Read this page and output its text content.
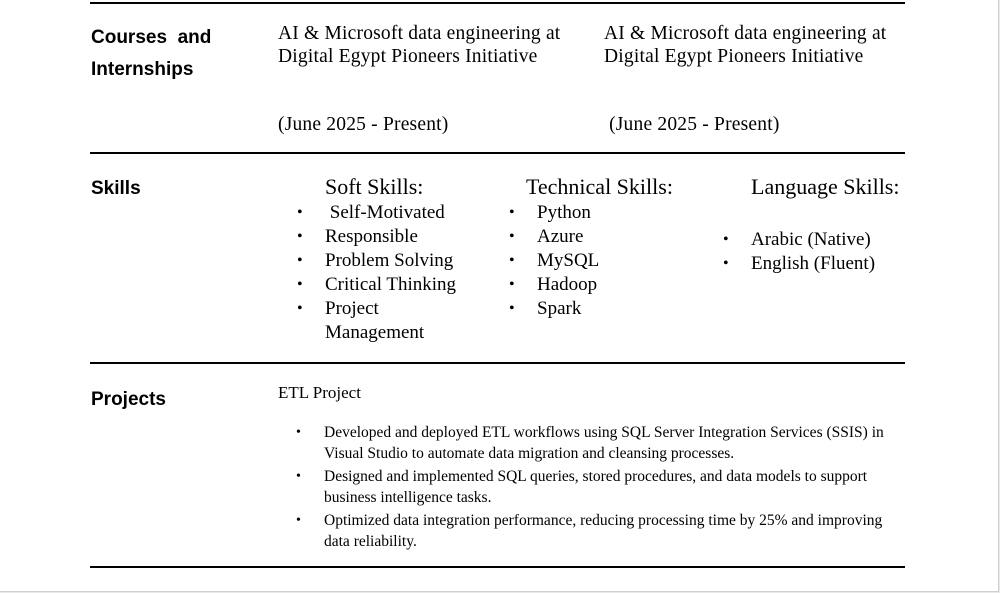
Courses  and
Internships
AI & Microsoft data engineering at Digital Egypt Pioneers Initiative
(June 2025 - Present)
AI & Microsoft data engineering at Digital Egypt Pioneers Initiative
(June 2025 - Present)
Skills	Soft Skills:
•  Self-Motivated
• Responsible
• Problem Solving
• Critical Thinking
• Project Management
Technical Skills:
• Python
• Azure
• MySQL
• Hadoop
• Spark
Language Skills:
• Arabic (Native)
• English (Fluent)
Projects	ETL Project
• Developed and deployed ETL workflows using SQL Server Integration Services (SSIS) in Visual Studio to automate data migration and cleansing processes.
• Designed and implemented SQL queries, stored procedures, and data models to support business intelligence tasks.
• Optimized data integration performance, reducing processing time by 25% and improving data reliability.
